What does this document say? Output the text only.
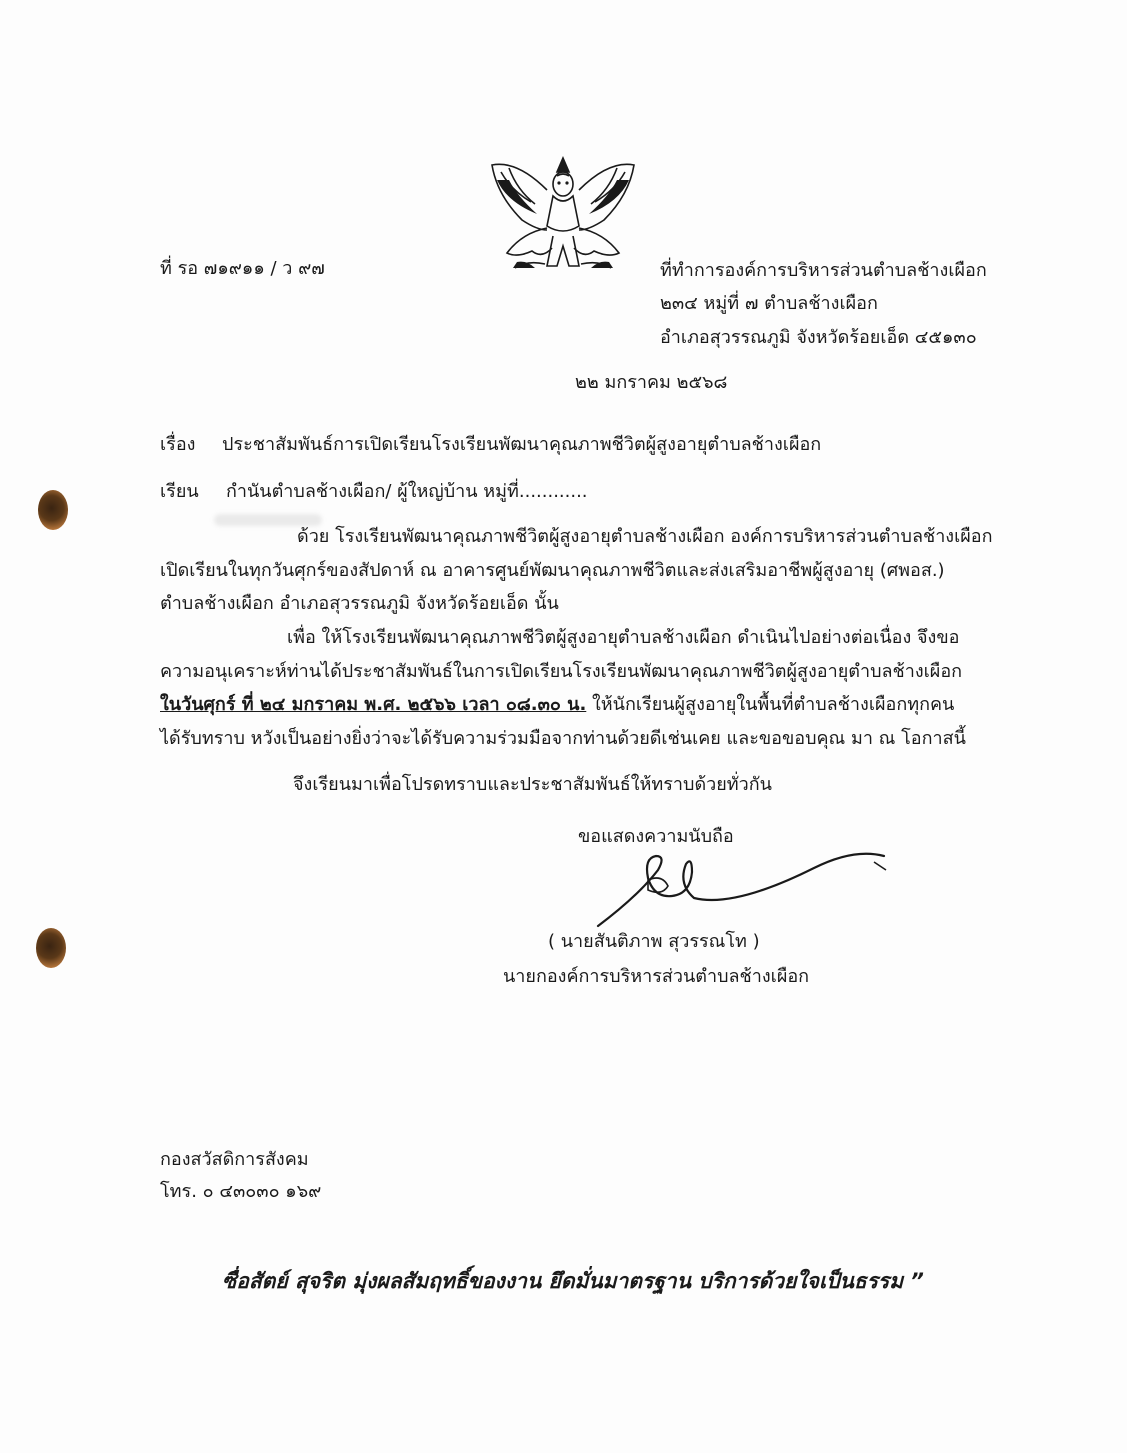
ที่ รอ ๗๑๙๑๑ / ว ๙๗	ที่ทำการองค์การบริหารส่วนตำบลช้างเผือก
๒๓๔ หมู่ที่ ๗ ตำบลช้างเผือก
อำเภอสุวรรณภูมิ จังหวัดร้อยเอ็ด ๔๕๑๓๐
๒๒ มกราคม ๒๕๖๘
เรื่อง ประชาสัมพันธ์การเปิดเรียนโรงเรียนพัฒนาคุณภาพชีวิตผู้สูงอายุตำบลช้างเผือก
เรียน กำนันตำบลช้างเผือก/ ผู้ใหญ่บ้าน หมู่ที่............
ด้วย โรงเรียนพัฒนาคุณภาพชีวิตผู้สูงอายุตำบลช้างเผือก องค์การบริหารส่วนตำบลช้างเผือก
เปิดเรียนในทุกวันศุกร์ของสัปดาห์ ณ อาคารศูนย์พัฒนาคุณภาพชีวิตและส่งเสริมอาชีพผู้สูงอายุ (ศพอส.)
ตำบลช้างเผือก อำเภอสุวรรณภูมิ จังหวัดร้อยเอ็ด นั้น
เพื่อ ให้โรงเรียนพัฒนาคุณภาพชีวิตผู้สูงอายุตำบลช้างเผือก ดำเนินไปอย่างต่อเนื่อง จึงขอ
ความอนุเคราะห์ท่านได้ประชาสัมพันธ์ในการเปิดเรียนโรงเรียนพัฒนาคุณภาพชีวิตผู้สูงอายุตำบลช้างเผือก
ในวันศุกร์ ที่ ๒๔ มกราคม พ.ศ. ๒๕๖๖ เวลา ๐๘.๓๐ น. ให้นักเรียนผู้สูงอายุในพื้นที่ตำบลช้างเผือกทุกคน
ได้รับทราบ หวังเป็นอย่างยิ่งว่าจะได้รับความร่วมมือจากท่านด้วยดีเช่นเคย และขอขอบคุณ มา ณ โอกาสนี้
จึงเรียนมาเพื่อโปรดทราบและประชาสัมพันธ์ให้ทราบด้วยทั่วกัน
ขอแสดงความนับถือ
( นายสันติภาพ สุวรรณโท )
นายกองค์การบริหารส่วนตำบลช้างเผือก
กองสวัสดิการสังคม
โทร. ๐ ๔๓๐๓๐ ๑๖๙
ซื่อสัตย์ สุจริต มุ่งผลสัมฤทธิ์ของงาน ยึดมั่นมาตรฐาน บริการด้วยใจเป็นธรรม ”
